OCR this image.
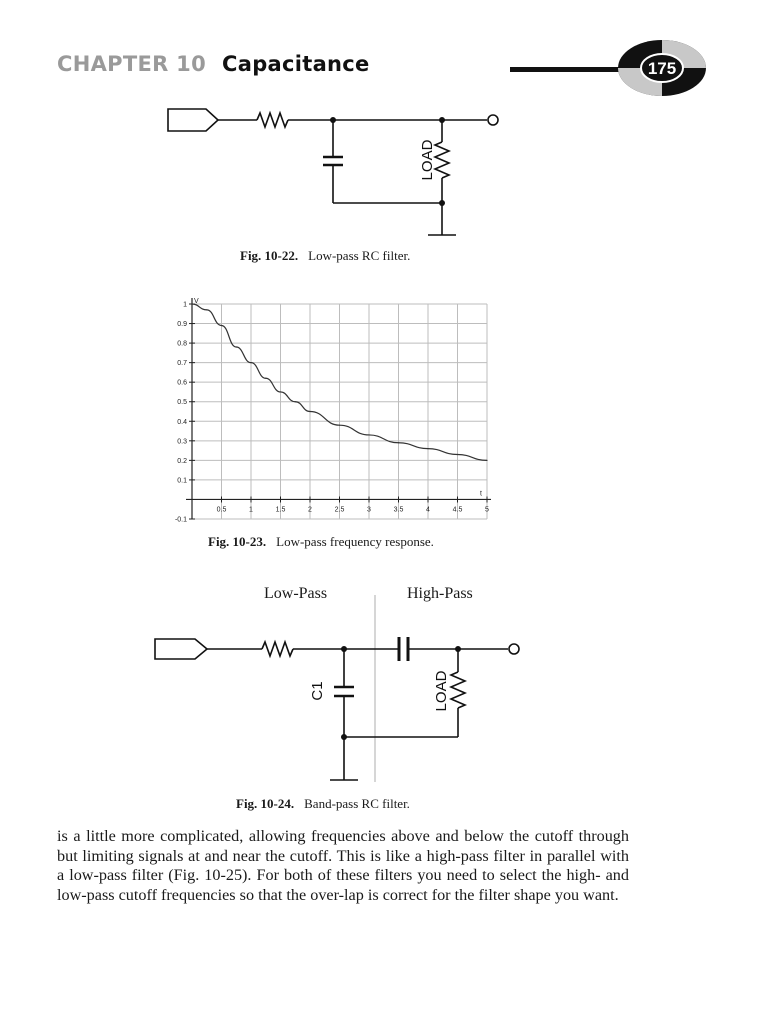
CHAPTER 10 Capacitance	175
LOAD
Fig. 10-22. Low-pass RC filter.
0.5	1	1.5	2	2.5	3	3.5	4	4.5	5
1
0.9
0.8
0.7
0.6
0.5
0.4
0.3
0.2
0.1
-0.1
V
t
Fig. 10-23. Low-pass frequency response.
Low-Pass	High-Pass
C1	LOAD
Fig. 10-24. Band-pass RC filter.
is a little more complicated, allowing frequencies above and below the cutoff through but limiting signals at and near the cutoff. This is like a high-pass filter in parallel with a low-pass filter (Fig. 10-25). For both of these filters you need to select the high- and low-pass cutoff frequencies so that the over-lap is correct for the filter shape you want.
